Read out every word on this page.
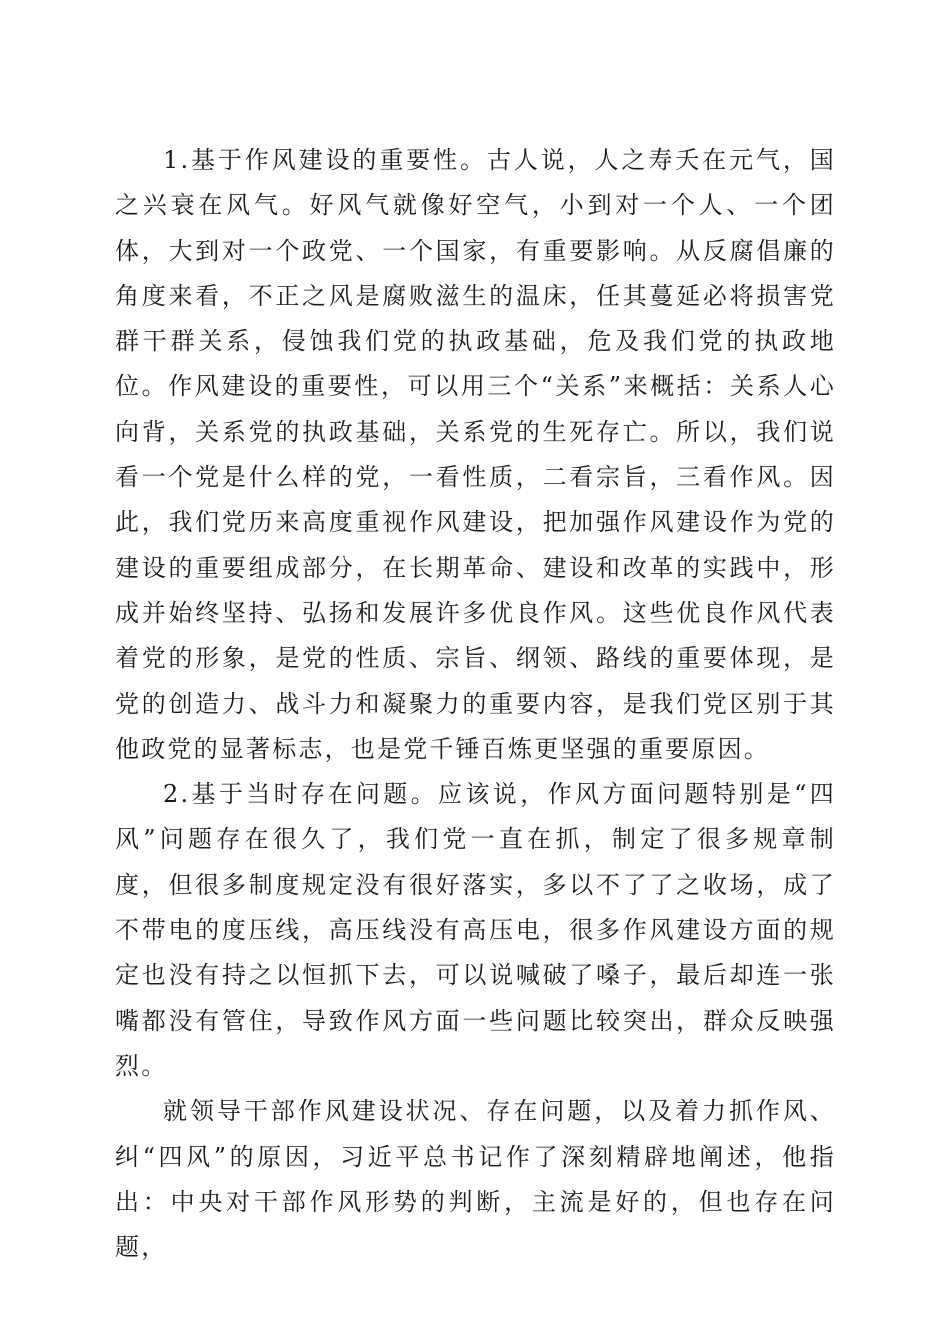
1.基于作风建设的重要性。古人说，人之寿夭在元气，国之兴衰在风气。好风气就像好空气，小到对一个人、一个团体，大到对一个政党、一个国家，有重要影响。从反腐倡廉的角度来看，不正之风是腐败滋生的温床，任其蔓延必将损害党群干群关系，侵蚀我们党的执政基础，危及我们党的执政地位。作风建设的重要性，可以用三个“关系”来概括：关系人心向背，关系党的执政基础，关系党的生死存亡。所以，我们说看一个党是什么样的党，一看性质，二看宗旨，三看作风。因此，我们党历来高度重视作风建设，把加强作风建设作为党的建设的重要组成部分，在长期革命、建设和改革的实践中，形成并始终坚持、弘扬和发展许多优良作风。这些优良作风代表着党的形象，是党的性质、宗旨、纲领、路线的重要体现，是党的创造力、战斗力和凝聚力的重要内容，是我们党区别于其他政党的显著标志，也是党千锤百炼更坚强的重要原因。

2.基于当时存在问题。应该说，作风方面问题特别是“四风”问题存在很久了，我们党一直在抓，制定了很多规章制度，但很多制度规定没有很好落实，多以不了了之收场，成了不带电的度压线，高压线没有高压电，很多作风建设方面的规定也没有持之以恒抓下去，可以说喊破了嗓子，最后却连一张嘴都没有管住，导致作风方面一些问题比较突出，群众反映强烈。

就领导干部作风建设状况、存在问题，以及着力抓作风、纠“四风”的原因，习近平总书记作了深刻精辟地阐述，他指出：中央对干部作风形势的判断，主流是好的，但也存在问题，
